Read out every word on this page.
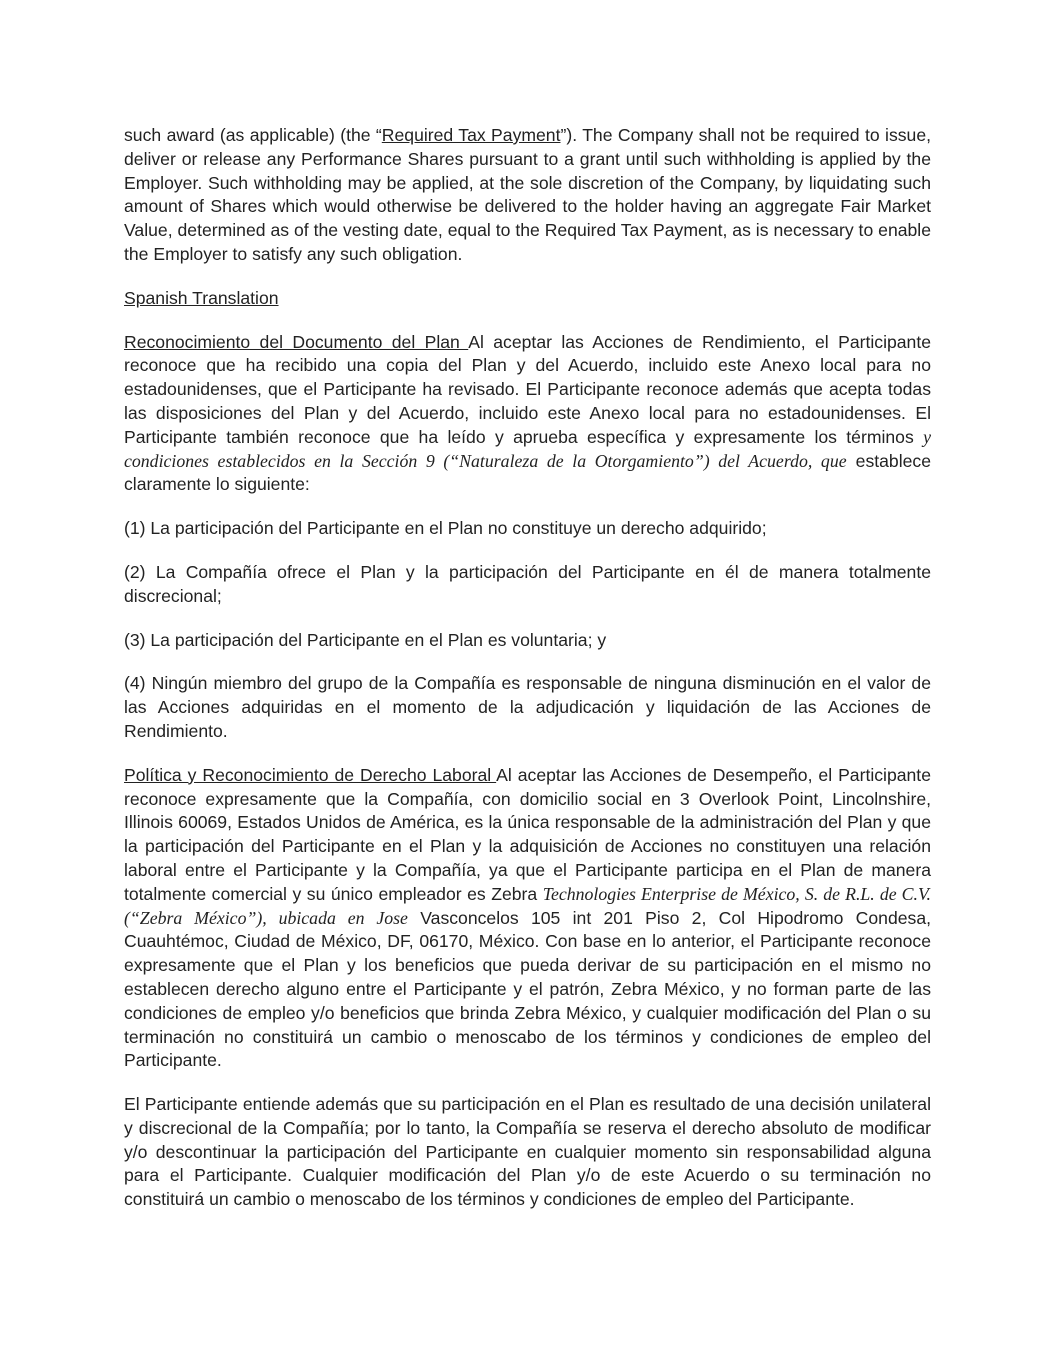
such award (as applicable) (the “Required Tax Payment”). The Company shall not be required to issue, deliver or release any Performance Shares pursuant to a grant until such withholding is applied by the Employer. Such withholding may be applied, at the sole discretion of the Company, by liquidating such amount of Shares which would otherwise be delivered to the holder having an aggregate Fair Market Value, determined as of the vesting date, equal to the Required Tax Payment, as is necessary to enable the Employer to satisfy any such obligation.

Spanish Translation

Reconocimiento del Documento del Plan Al aceptar las Acciones de Rendimiento, el Participante reconoce que ha recibido una copia del Plan y del Acuerdo, incluido este Anexo local para no estadounidenses, que el Participante ha revisado. El Participante reconoce además que acepta todas las disposiciones del Plan y del Acuerdo, incluido este Anexo local para no estadounidenses. El Participante también reconoce que ha leído y aprueba específica y expresamente los términos y condiciones establecidos en la Sección 9 (“Naturaleza de la Otorgamiento”) del Acuerdo, que establece claramente lo siguiente:

(1) La participación del Participante en el Plan no constituye un derecho adquirido;

(2) La Compañía ofrece el Plan y la participación del Participante en él de manera totalmente discrecional;

(3) La participación del Participante en el Plan es voluntaria; y

(4) Ningún miembro del grupo de la Compañía es responsable de ninguna disminución en el valor de las Acciones adquiridas en el momento de la adjudicación y liquidación de las Acciones de Rendimiento.

Política y Reconocimiento de Derecho Laboral Al aceptar las Acciones de Desempeño, el Participante reconoce expresamente que la Compañía, con domicilio social en 3 Overlook Point, Lincolnshire, Illinois 60069, Estados Unidos de América, es la única responsable de la administración del Plan y que la participación del Participante en el Plan y la adquisición de Acciones no constituyen una relación laboral entre el Participante y la Compañía, ya que el Participante participa en el Plan de manera totalmente comercial y su único empleador es Zebra Technologies Enterprise de México, S. de R.L. de C.V. (“Zebra México”), ubicada en Jose Vasconcelos 105 int 201 Piso 2, Col Hipodromo Condesa, Cuauhtémoc, Ciudad de México, DF, 06170, México. Con base en lo anterior, el Participante reconoce expresamente que el Plan y los beneficios que pueda derivar de su participación en el mismo no establecen derecho alguno entre el Participante y el patrón, Zebra México, y no forman parte de las condiciones de empleo y/o beneficios que brinda Zebra México, y cualquier modificación del Plan o su terminación no constituirá un cambio o menoscabo de los términos y condiciones de empleo del Participante.

El Participante entiende además que su participación en el Plan es resultado de una decisión unilateral y discrecional de la Compañía; por lo tanto, la Compañía se reserva el derecho absoluto de modificar y/o descontinuar la participación del Participante en cualquier momento sin responsabilidad alguna para el Participante. Cualquier modificación del Plan y/o de este Acuerdo o su terminación no constituirá un cambio o menoscabo de los términos y condiciones de empleo del Participante.
